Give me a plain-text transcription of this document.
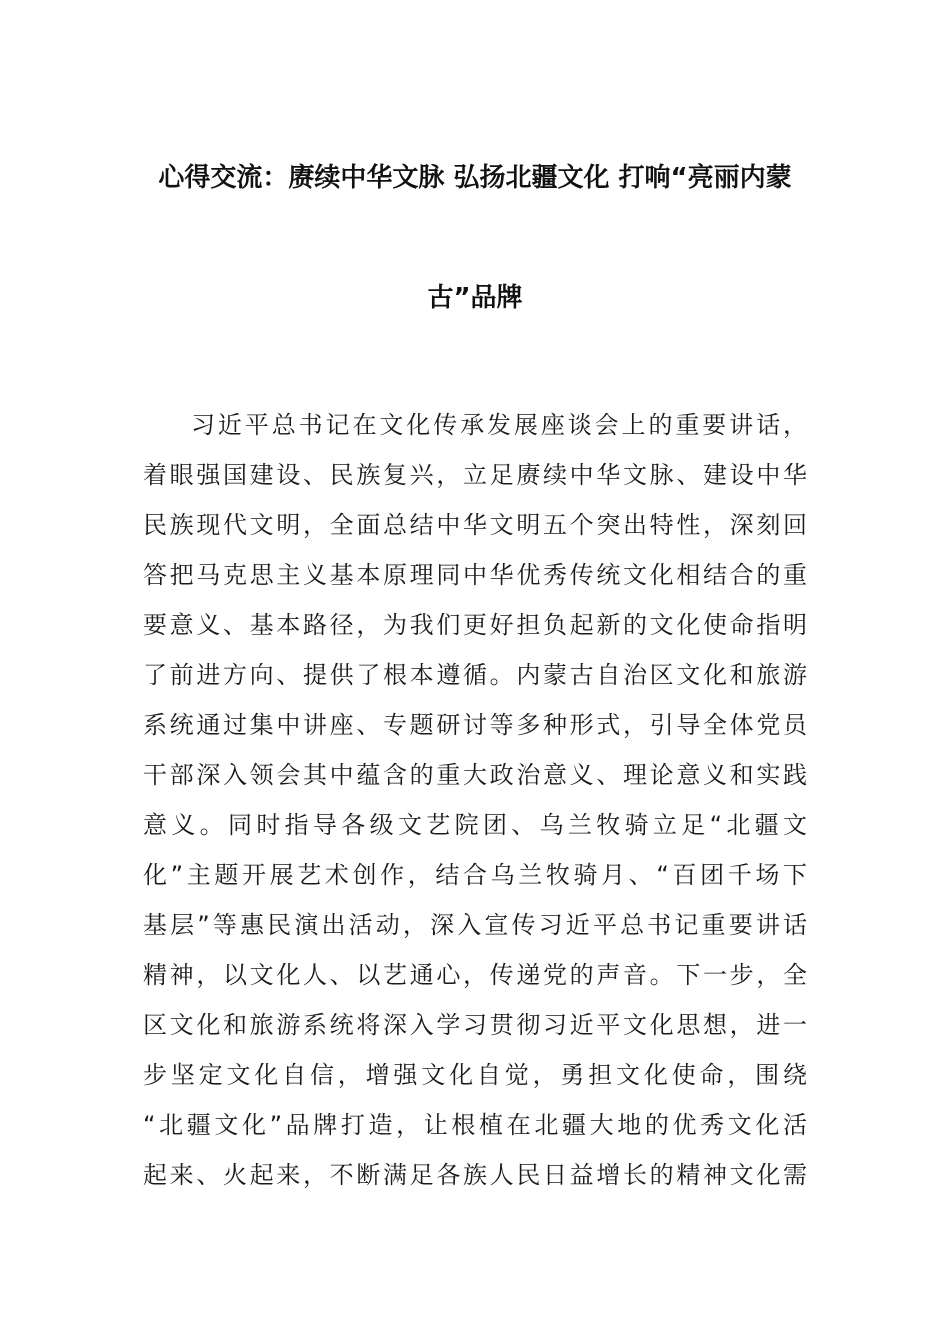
心得交流：赓续中华文脉 弘扬北疆文化 打响“亮丽内蒙
古”品牌
习近平总书记在文化传承发展座谈会上的重要讲话，
着眼强国建设、民族复兴，立足赓续中华文脉、建设中华
民族现代文明，全面总结中华文明五个突出特性，深刻回
答把马克思主义基本原理同中华优秀传统文化相结合的重
要意义、基本路径，为我们更好担负起新的文化使命指明
了前进方向、提供了根本遵循。内蒙古自治区文化和旅游
系统通过集中讲座、专题研讨等多种形式，引导全体党员
干部深入领会其中蕴含的重大政治意义、理论意义和实践
意义。同时指导各级文艺院团、乌兰牧骑立足“北疆文
化”主题开展艺术创作，结合乌兰牧骑月、“百团千场下
基层”等惠民演出活动，深入宣传习近平总书记重要讲话
精神，以文化人、以艺通心，传递党的声音。下一步，全
区文化和旅游系统将深入学习贯彻习近平文化思想，进一
步坚定文化自信，增强文化自觉，勇担文化使命，围绕
“北疆文化”品牌打造，让根植在北疆大地的优秀文化活
起来、火起来，不断满足各族人民日益增长的精神文化需
